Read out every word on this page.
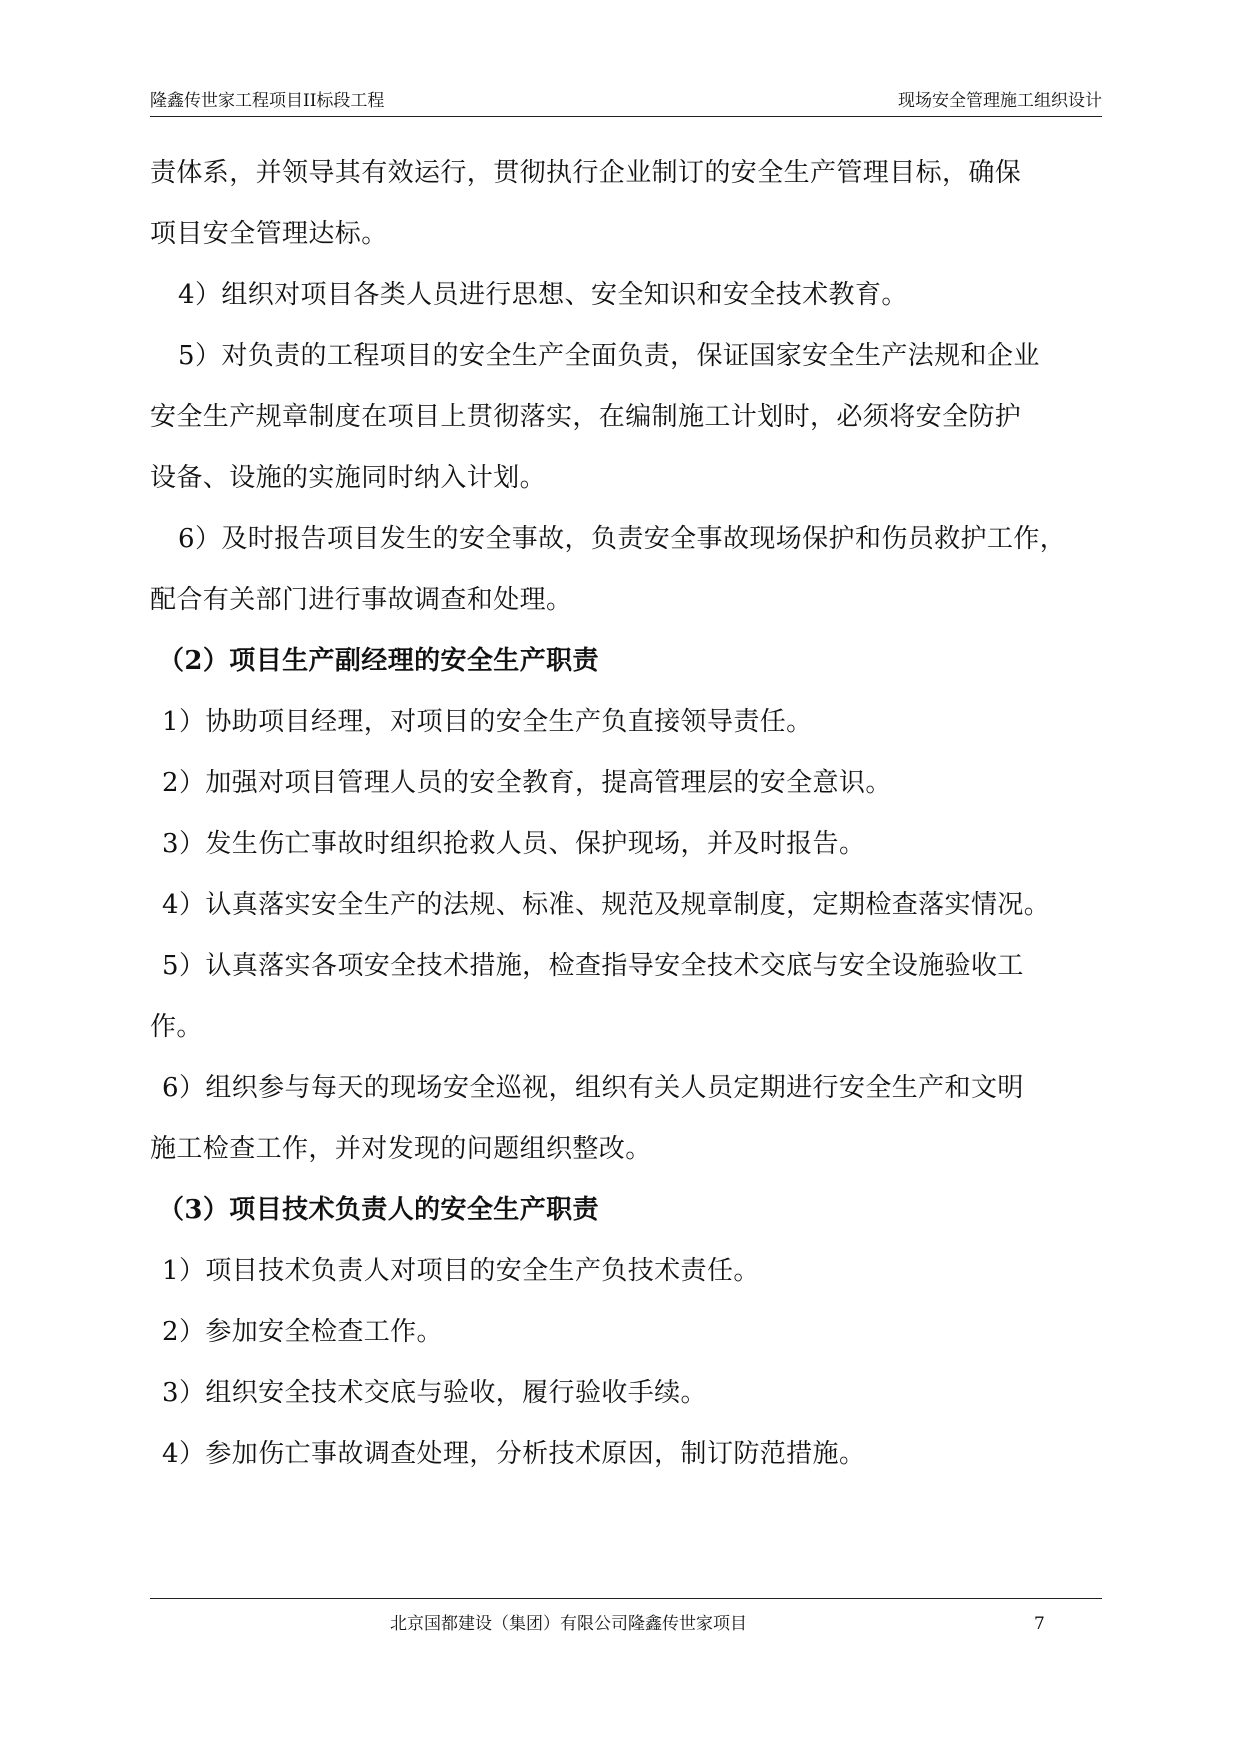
隆鑫传世家工程项目II标段工程	现场安全管理施工组织设计
责体系，并领导其有效运行，贯彻执行企业制订的安全生产管理目标，确保
项目安全管理达标。
4）组织对项目各类人员进行思想、安全知识和安全技术教育。
5）对负责的工程项目的安全生产全面负责，保证国家安全生产法规和企业
安全生产规章制度在项目上贯彻落实，在编制施工计划时，必须将安全防护
设备、设施的实施同时纳入计划。
6）及时报告项目发生的安全事故，负责安全事故现场保护和伤员救护工作，
配合有关部门进行事故调查和处理。
（2）项目生产副经理的安全生产职责
1）协助项目经理，对项目的安全生产负直接领导责任。
2）加强对项目管理人员的安全教育，提高管理层的安全意识。
3）发生伤亡事故时组织抢救人员、保护现场，并及时报告。
4）认真落实安全生产的法规、标准、规范及规章制度，定期检查落实情况。
5）认真落实各项安全技术措施，检查指导安全技术交底与安全设施验收工
作。
6）组织参与每天的现场安全巡视，组织有关人员定期进行安全生产和文明
施工检查工作，并对发现的问题组织整改。
（3）项目技术负责人的安全生产职责
1）项目技术负责人对项目的安全生产负技术责任。
2）参加安全检查工作。
3）组织安全技术交底与验收，履行验收手续。
4）参加伤亡事故调查处理，分析技术原因，制订防范措施。
北京国都建设（集团）有限公司隆鑫传世家项目	7
